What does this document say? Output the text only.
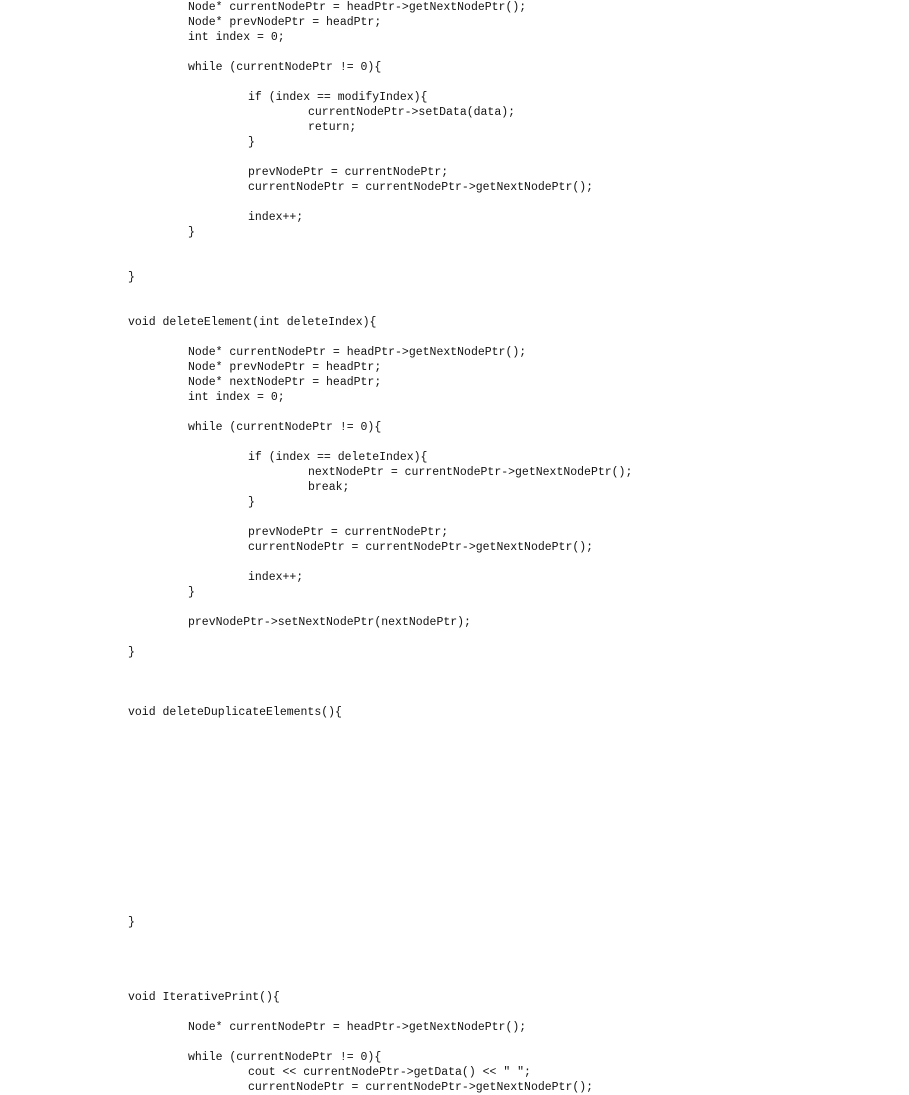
Node* currentNodePtr = headPtr->getNextNodePtr();
Node* prevNodePtr = headPtr;
int index = 0;
while (currentNodePtr != 0){
if (index == modifyIndex){
currentNodePtr->setData(data);
return;
}
prevNodePtr = currentNodePtr;
currentNodePtr = currentNodePtr->getNextNodePtr();
index++;
}
}
void deleteElement(int deleteIndex){
Node* currentNodePtr = headPtr->getNextNodePtr();
Node* prevNodePtr = headPtr;
Node* nextNodePtr = headPtr;
int index = 0;
while (currentNodePtr != 0){
if (index == deleteIndex){
nextNodePtr = currentNodePtr->getNextNodePtr();
break;
}
prevNodePtr = currentNodePtr;
currentNodePtr = currentNodePtr->getNextNodePtr();
index++;
}
prevNodePtr->setNextNodePtr(nextNodePtr);
}
void deleteDuplicateElements(){
}
void IterativePrint(){
Node* currentNodePtr = headPtr->getNextNodePtr();
while (currentNodePtr != 0){
cout << currentNodePtr->getData() << " ";
currentNodePtr = currentNodePtr->getNextNodePtr();
